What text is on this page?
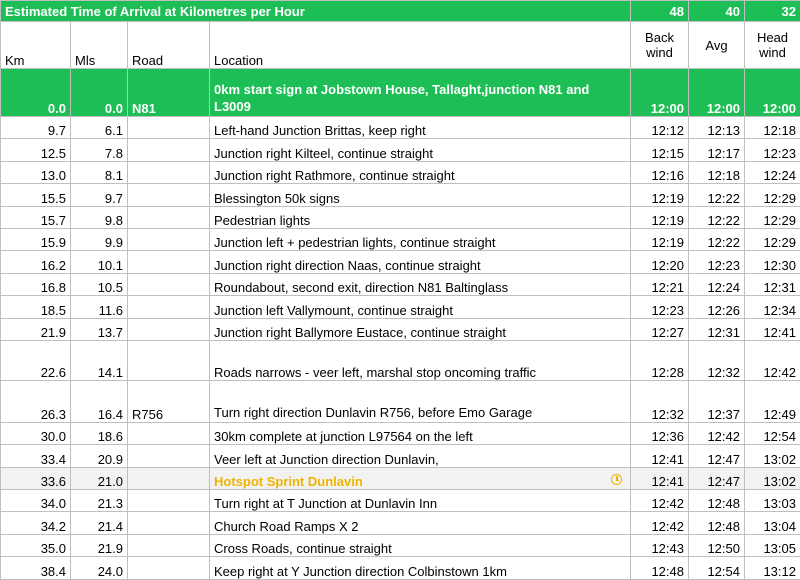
Estimated Time of Arrival at Kilometres per Hour				48	40	32
Km	Mls	Road	Location	Back wind	Avg	Head wind
0.0	0.0	N81	0km start sign at Jobstown House, Tallaght,junction N81 and L3009	12:00	12:00	12:00
9.7	6.1		Left-hand Junction Brittas, keep right	12:12	12:13	12:18
12.5	7.8		Junction right Kilteel, continue straight	12:15	12:17	12:23
13.0	8.1		Junction right Rathmore, continue straight	12:16	12:18	12:24
15.5	9.7		Blessington 50k signs	12:19	12:22	12:29
15.7	9.8		Pedestrian lights	12:19	12:22	12:29
15.9	9.9		Junction left + pedestrian lights, continue straight	12:19	12:22	12:29
16.2	10.1		Junction right direction Naas, continue straight	12:20	12:23	12:30
16.8	10.5		Roundabout, second exit, direction N81 Baltinglass	12:21	12:24	12:31
18.5	11.6		Junction left Vallymount, continue straight	12:23	12:26	12:34
21.9	13.7		Junction right Ballymore Eustace, continue straight	12:27	12:31	12:41
22.6	14.1		Roads narrows - veer left, marshal stop oncoming traffic	12:28	12:32	12:42
26.3	16.4	R756	Turn right direction Dunlavin R756, before Emo Garage	12:32	12:37	12:49
30.0	18.6		30km complete at junction L97564 on the left	12:36	12:42	12:54
33.4	20.9		Veer left at Junction direction Dunlavin,	12:41	12:47	13:02
33.6	21.0		Hotspot Sprint Dunlavin	12:41	12:47	13:02
34.0	21.3		Turn right at T Junction at Dunlavin Inn	12:42	12:48	13:03
34.2	21.4		Church Road Ramps X 2	12:42	12:48	13:04
35.0	21.9		Cross Roads, continue straight	12:43	12:50	13:05
38.4	24.0		Keep right at Y Junction direction Colbinstown 1km	12:48	12:54	13:12
